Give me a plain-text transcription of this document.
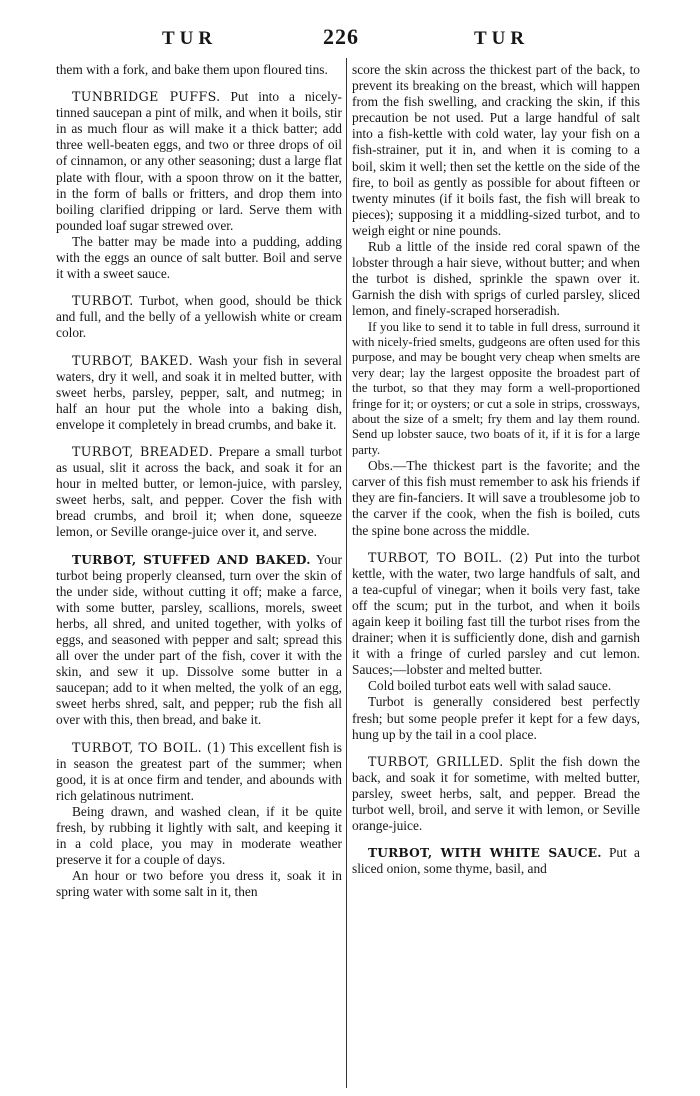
TUR	226	TUR

them with a fork, and bake them upon floured tins.

TUNBRIDGE PUFFS. Put into a nicely-tinned saucepan a pint of milk, and when it boils, stir in as much flour as will make it a thick batter; add three well-beaten eggs, and two or three drops of oil of cinnamon, or any other seasoning; dust a large flat plate with flour, with a spoon throw on it the batter, in the form of balls or fritters, and drop them into boiling clarified dripping or lard. Serve them with pounded loaf sugar strewed over.

The batter may be made into a pudding, adding with the eggs an ounce of salt butter. Boil and serve it with a sweet sauce.

TURBOT. Turbot, when good, should be thick and full, and the belly of a yellowish white or cream color.

TURBOT, BAKED. Wash your fish in several waters, dry it well, and soak it in melted butter, with sweet herbs, parsley, pepper, salt, and nutmeg; in half an hour put the whole into a baking dish, envelope it completely in bread crumbs, and bake it.

TURBOT, BREADED. Prepare a small turbot as usual, slit it across the back, and soak it for an hour in melted butter, or lemon-juice, with parsley, sweet herbs, salt, and pepper. Cover the fish with bread crumbs, and broil it; when done, squeeze lemon, or Seville orange-juice over it, and serve.

TURBOT, STUFFED AND BAKED. Your turbot being properly cleansed, turn over the skin of the under side, without cutting it off; make a farce, with some butter, parsley, scallions, morels, sweet herbs, all shred, and united together, with yolks of eggs, and seasoned with pepper and salt; spread this all over the under part of the fish, cover it with the skin, and sew it up. Dissolve some butter in a saucepan; add to it when melted, the yolk of an egg, sweet herbs shred, salt, and pepper; rub the fish all over with this, then bread, and bake it.

TURBOT, TO BOIL. (1) This excellent fish is in season the greatest part of the summer; when good, it is at once firm and tender, and abounds with rich gelatinous nutriment.

Being drawn, and washed clean, if it be quite fresh, by rubbing it lightly with salt, and keeping it in a cold place, you may in moderate weather preserve it for a couple of days.

An hour or two before you dress it, soak it in spring water with some salt in it, then

score the skin across the thickest part of the back, to prevent its breaking on the breast, which will happen from the fish swelling, and cracking the skin, if this precaution be not used. Put a large handful of salt into a fish-kettle with cold water, lay your fish on a fish-strainer, put it in, and when it is coming to a boil, skim it well; then set the kettle on the side of the fire, to boil as gently as possible for about fifteen or twenty minutes (if it boils fast, the fish will break to pieces); supposing it a middling-sized turbot, and to weigh eight or nine pounds.

Rub a little of the inside red coral spawn of the lobster through a hair sieve, without butter; and when the turbot is dished, sprinkle the spawn over it. Garnish the dish with sprigs of curled parsley, sliced lemon, and finely-scraped horseradish.

If you like to send it to table in full dress, surround it with nicely-fried smelts, gudgeons are often used for this purpose, and may be bought very cheap when smelts are very dear; lay the largest opposite the broadest part of the turbot, so that they may form a well-proportioned fringe for it; or oysters; or cut a sole in strips, crossways, about the size of a smelt; fry them and lay them round. Send up lobster sauce, two boats of it, if it is for a large party.

Obs.—The thickest part is the favorite; and the carver of this fish must remember to ask his friends if they are fin-fanciers. It will save a troublesome job to the carver if the cook, when the fish is boiled, cuts the spine bone across the middle.

TURBOT, TO BOIL. (2) Put into the turbot kettle, with the water, two large handfuls of salt, and a tea-cupful of vinegar; when it boils very fast, take off the scum; put in the turbot, and when it boils again keep it boiling fast till the turbot rises from the drainer; when it is sufficiently done, dish and garnish it with a fringe of curled parsley and cut lemon. Sauces;—lobster and melted butter.

Cold boiled turbot eats well with salad sauce.

Turbot is generally considered best perfectly fresh; but some people prefer it kept for a few days, hung up by the tail in a cool place.

TURBOT, GRILLED. Split the fish down the back, and soak it for sometime, with melted butter, parsley, sweet herbs, salt, and pepper. Bread the turbot well, broil, and serve it with lemon, or Seville orange-juice.

TURBOT, WITH WHITE SAUCE. Put a sliced onion, some thyme, basil, and
